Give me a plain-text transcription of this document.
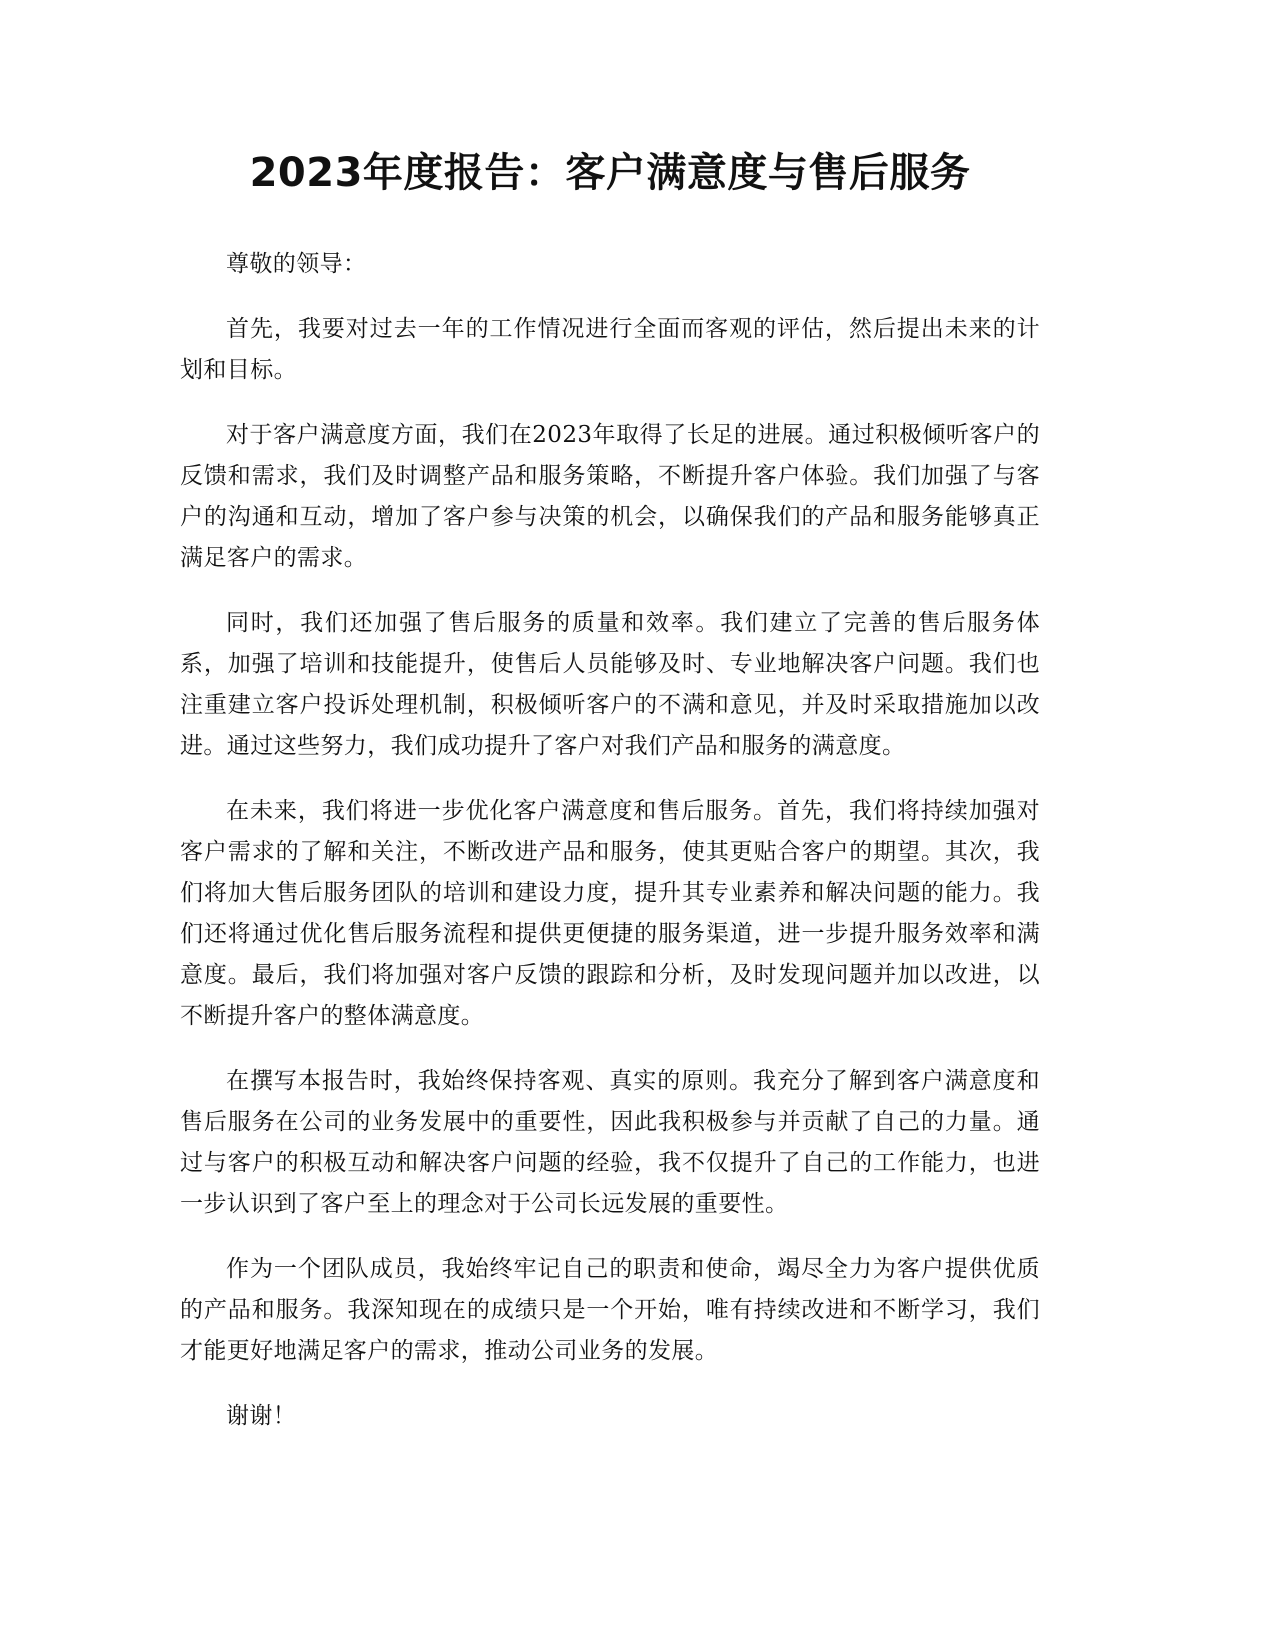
2023年度报告：客户满意度与售后服务

尊敬的领导：

首先，我要对过去一年的工作情况进行全面而客观的评估，然后提出未来的计划和目标。

对于客户满意度方面，我们在2023年取得了长足的进展。通过积极倾听客户的反馈和需求，我们及时调整产品和服务策略，不断提升客户体验。我们加强了与客户的沟通和互动，增加了客户参与决策的机会，以确保我们的产品和服务能够真正满足客户的需求。

同时，我们还加强了售后服务的质量和效率。我们建立了完善的售后服务体系，加强了培训和技能提升，使售后人员能够及时、专业地解决客户问题。我们也注重建立客户投诉处理机制，积极倾听客户的不满和意见，并及时采取措施加以改进。通过这些努力，我们成功提升了客户对我们产品和服务的满意度。

在未来，我们将进一步优化客户满意度和售后服务。首先，我们将持续加强对客户需求的了解和关注，不断改进产品和服务，使其更贴合客户的期望。其次，我们将加大售后服务团队的培训和建设力度，提升其专业素养和解决问题的能力。我们还将通过优化售后服务流程和提供更便捷的服务渠道，进一步提升服务效率和满意度。最后，我们将加强对客户反馈的跟踪和分析，及时发现问题并加以改进，以不断提升客户的整体满意度。

在撰写本报告时，我始终保持客观、真实的原则。我充分了解到客户满意度和售后服务在公司的业务发展中的重要性，因此我积极参与并贡献了自己的力量。通过与客户的积极互动和解决客户问题的经验，我不仅提升了自己的工作能力，也进一步认识到了客户至上的理念对于公司长远发展的重要性。

作为一个团队成员，我始终牢记自己的职责和使命，竭尽全力为客户提供优质的产品和服务。我深知现在的成绩只是一个开始，唯有持续改进和不断学习，我们才能更好地满足客户的需求，推动公司业务的发展。

谢谢！
